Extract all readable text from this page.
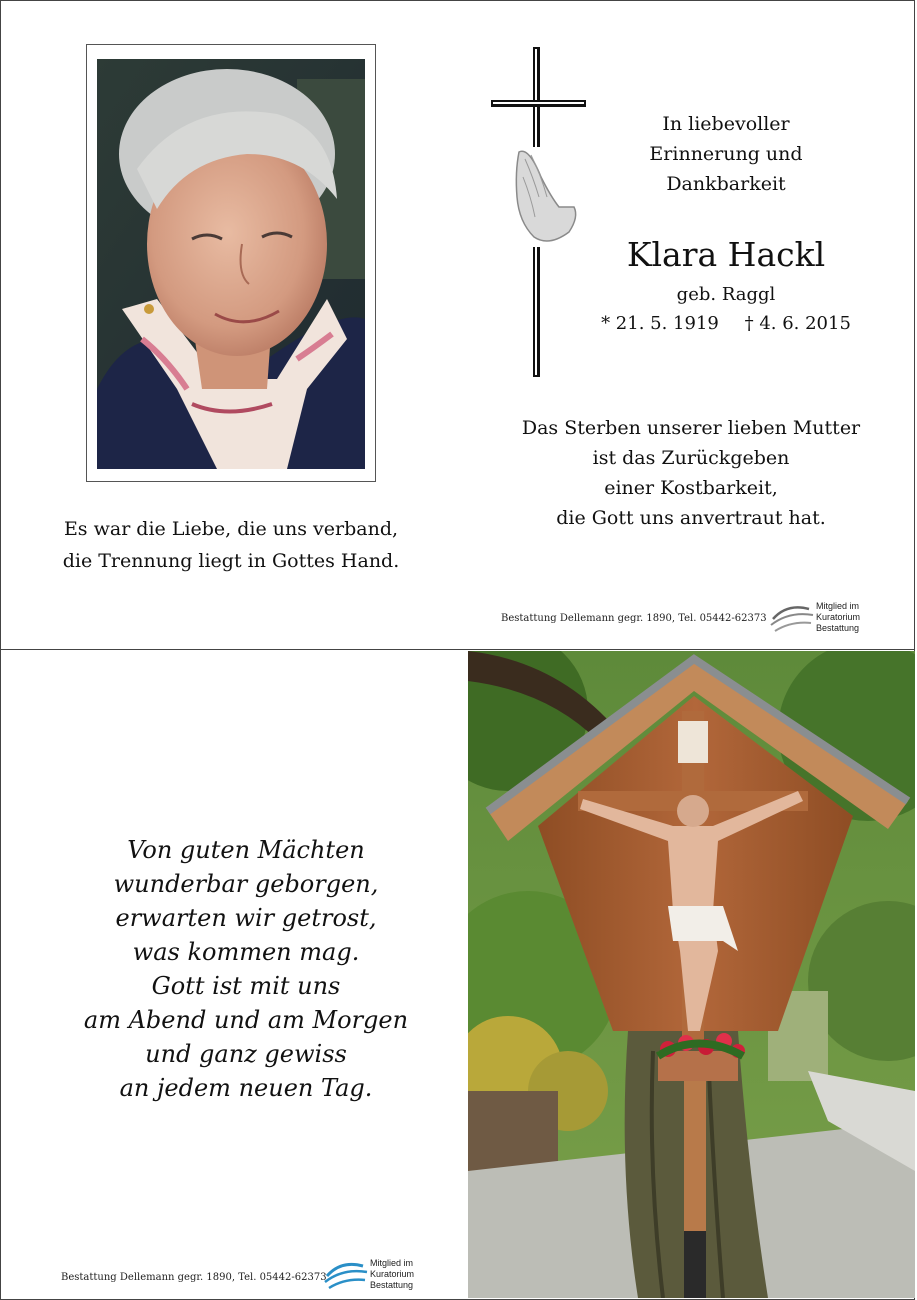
Es war die Liebe, die uns verband,
die Trennung liegt in Gottes Hand.
In liebevoller
Erinnerung und
Dankbarkeit
Klara Hackl
geb. Raggl
* 21. 5. 1919 † 4. 6. 2015
Das Sterben unserer lieben Mutter
ist das Zurückgeben
einer Kostbarkeit,
die Gott uns anvertraut hat.
Bestattung Dellemann gegr. 1890, Tel. 05442-62373
Mitglied im
Kuratorium Bestattung
Von guten Mächten
wunderbar geborgen,
erwarten wir getrost,
was kommen mag.
Gott ist mit uns
am Abend und am Morgen
und ganz gewiss
an jedem neuen Tag.
Bestattung Dellemann gegr. 1890, Tel. 05442-62373
Mitglied im
Kuratorium Bestattung
